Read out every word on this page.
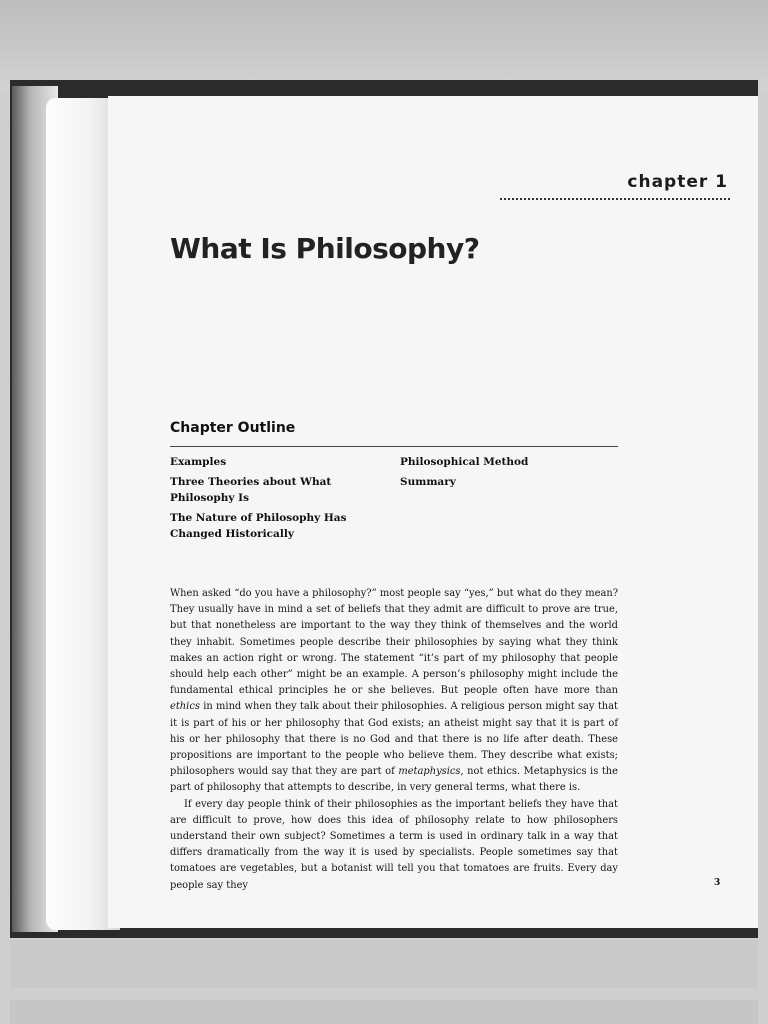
chapter 1
What Is Philosophy?
Chapter Outline

Examples

Three Theories about What Philosophy Is

The Nature of Philosophy Has Changed Historically

Philosophical Method

Summary

When asked “do you have a philosophy?” most people say “yes,” but what do they mean? They usually have in mind a set of beliefs that they admit are difficult to prove are true, but that nonetheless are important to the way they think of themselves and the world they inhabit. Sometimes people describe their philosophies by saying what they think makes an action right or wrong. The statement “it’s part of my philosophy that people should help each other” might be an example. A person’s philosophy might include the fundamental ethical principles he or she believes. But people often have more than ethics in mind when they talk about their philosophies. A religious person might say that it is part of his or her philosophy that God exists; an atheist might say that it is part of his or her philosophy that there is no God and that there is no life after death. These propositions are important to the people who believe them. They describe what exists; philosophers would say that they are part of metaphysics, not ethics. Metaphysics is the part of philosophy that attempts to describe, in very general terms, what there is.

If every day people think of their philosophies as the important beliefs they have that are difficult to prove, how does this idea of philosophy relate to how philosophers understand their own subject? Sometimes a term is used in ordinary talk in a way that differs dramatically from the way it is used by specialists. People sometimes say that tomatoes are vegetables, but a botanist will tell you that tomatoes are fruits. Every day people say they	3
